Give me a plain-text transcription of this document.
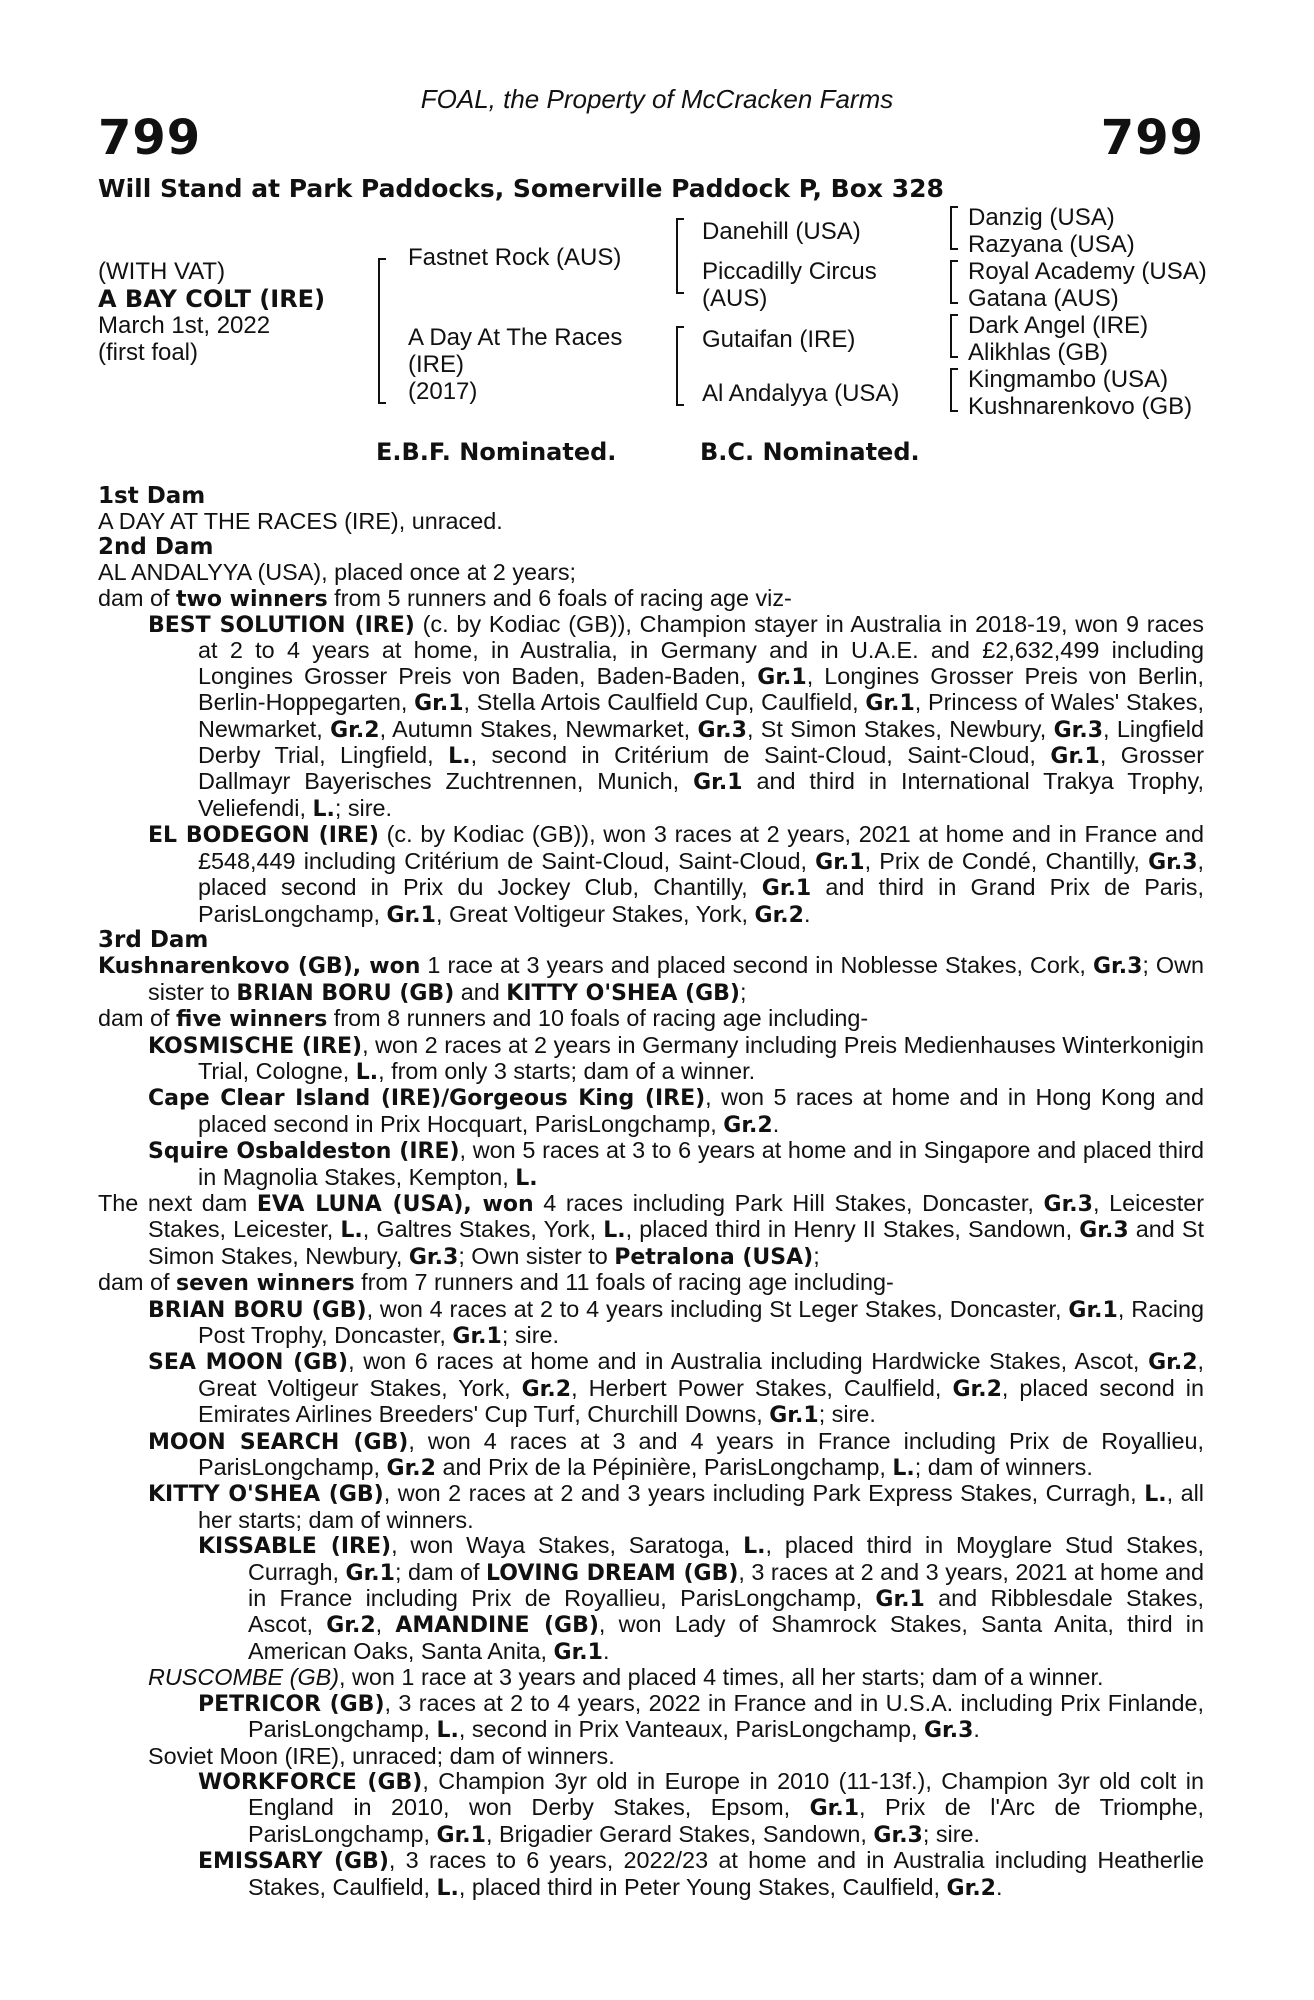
FOAL, the Property of McCracken Farms
799	799
Will Stand at Park Paddocks, Somerville Paddock P, Box 328
(WITH VAT)
A BAY COLT (IRE)
March 1st, 2022
(first foal)
Fastnet Rock (AUS)
A Day At The Races
(IRE)
(2017)
Danehill (USA)
Piccadilly Circus
(AUS)
Gutaifan (IRE)
Al Andalyya (USA)
Danzig (USA)
Razyana (USA)
Royal Academy (USA)
Gatana (AUS)
Dark Angel (IRE)
Alikhlas (GB)
Kingmambo (USA)
Kushnarenkovo (GB)
E.B.F. Nominated.	B.C. Nominated.
1st Dam

A DAY AT THE RACES (IRE), unraced.

2nd Dam

AL ANDALYYA (USA), placed once at 2 years;

dam of two winners from 5 runners and 6 foals of racing age viz-

BEST SOLUTION (IRE) (c. by Kodiac (GB)), Champion stayer in Australia in 2018-19, won 9 races at 2 to 4 years at home, in Australia, in Germany and in U.A.E. and £2,632,499 including Longines Grosser Preis von Baden, Baden-Baden, Gr.1, Longines Grosser Preis von Berlin, Berlin-Hoppegarten, Gr.1, Stella Artois Caulfield Cup, Caulfield, Gr.1, Princess of Wales' Stakes, Newmarket, Gr.2, Autumn Stakes, Newmarket, Gr.3, St Simon Stakes, Newbury, Gr.3, Lingfield Derby Trial, Lingfield, L., second in Critérium de Saint-Cloud, Saint-Cloud, Gr.1, Grosser Dallmayr Bayerisches Zuchtrennen, Munich, Gr.1 and third in International Trakya Trophy, Veliefendi, L.; sire.

EL BODEGON (IRE) (c. by Kodiac (GB)), won 3 races at 2 years, 2021 at home and in France and £548,449 including Critérium de Saint-Cloud, Saint-Cloud, Gr.1, Prix de Condé, Chantilly, Gr.3, placed second in Prix du Jockey Club, Chantilly, Gr.1 and third in Grand Prix de Paris, ParisLongchamp, Gr.1, Great Voltigeur Stakes, York, Gr.2.

3rd Dam

Kushnarenkovo (GB), won 1 race at 3 years and placed second in Noblesse Stakes, Cork, Gr.3; Own sister to BRIAN BORU (GB) and KITTY O'SHEA (GB);

dam of five winners from 8 runners and 10 foals of racing age including-

KOSMISCHE (IRE), won 2 races at 2 years in Germany including Preis Medienhauses Winterkonigin Trial, Cologne, L., from only 3 starts; dam of a winner.

Cape Clear Island (IRE)/Gorgeous King (IRE), won 5 races at home and in Hong Kong and placed second in Prix Hocquart, ParisLongchamp, Gr.2.

Squire Osbaldeston (IRE), won 5 races at 3 to 6 years at home and in Singapore and placed third in Magnolia Stakes, Kempton, L.

The next dam EVA LUNA (USA), won 4 races including Park Hill Stakes, Doncaster, Gr.3, Leicester Stakes, Leicester, L., Galtres Stakes, York, L., placed third in Henry II Stakes, Sandown, Gr.3 and St Simon Stakes, Newbury, Gr.3; Own sister to Petralona (USA);

dam of seven winners from 7 runners and 11 foals of racing age including-

BRIAN BORU (GB), won 4 races at 2 to 4 years including St Leger Stakes, Doncaster, Gr.1, Racing Post Trophy, Doncaster, Gr.1; sire.

SEA MOON (GB), won 6 races at home and in Australia including Hardwicke Stakes, Ascot, Gr.2, Great Voltigeur Stakes, York, Gr.2, Herbert Power Stakes, Caulfield, Gr.2, placed second in Emirates Airlines Breeders' Cup Turf, Churchill Downs, Gr.1; sire.

MOON SEARCH (GB), won 4 races at 3 and 4 years in France including Prix de Royallieu, ParisLongchamp, Gr.2 and Prix de la Pépinière, ParisLongchamp, L.; dam of winners.

KITTY O'SHEA (GB), won 2 races at 2 and 3 years including Park Express Stakes, Curragh, L., all her starts; dam of winners.

KISSABLE (IRE), won Waya Stakes, Saratoga, L., placed third in Moyglare Stud Stakes, Curragh, Gr.1; dam of LOVING DREAM (GB), 3 races at 2 and 3 years, 2021 at home and in France including Prix de Royallieu, ParisLongchamp, Gr.1 and Ribblesdale Stakes, Ascot, Gr.2, AMANDINE (GB), won Lady of Shamrock Stakes, Santa Anita, third in American Oaks, Santa Anita, Gr.1.

RUSCOMBE (GB), won 1 race at 3 years and placed 4 times, all her starts; dam of a winner.

PETRICOR (GB), 3 races at 2 to 4 years, 2022 in France and in U.S.A. including Prix Finlande, ParisLongchamp, L., second in Prix Vanteaux, ParisLongchamp, Gr.3.

Soviet Moon (IRE), unraced; dam of winners.

WORKFORCE (GB), Champion 3yr old in Europe in 2010 (11-13f.), Champion 3yr old colt in England in 2010, won Derby Stakes, Epsom, Gr.1, Prix de l'Arc de Triomphe, ParisLongchamp, Gr.1, Brigadier Gerard Stakes, Sandown, Gr.3; sire.

EMISSARY (GB), 3 races to 6 years, 2022/23 at home and in Australia including Heatherlie Stakes, Caulfield, L., placed third in Peter Young Stakes, Caulfield, Gr.2.
